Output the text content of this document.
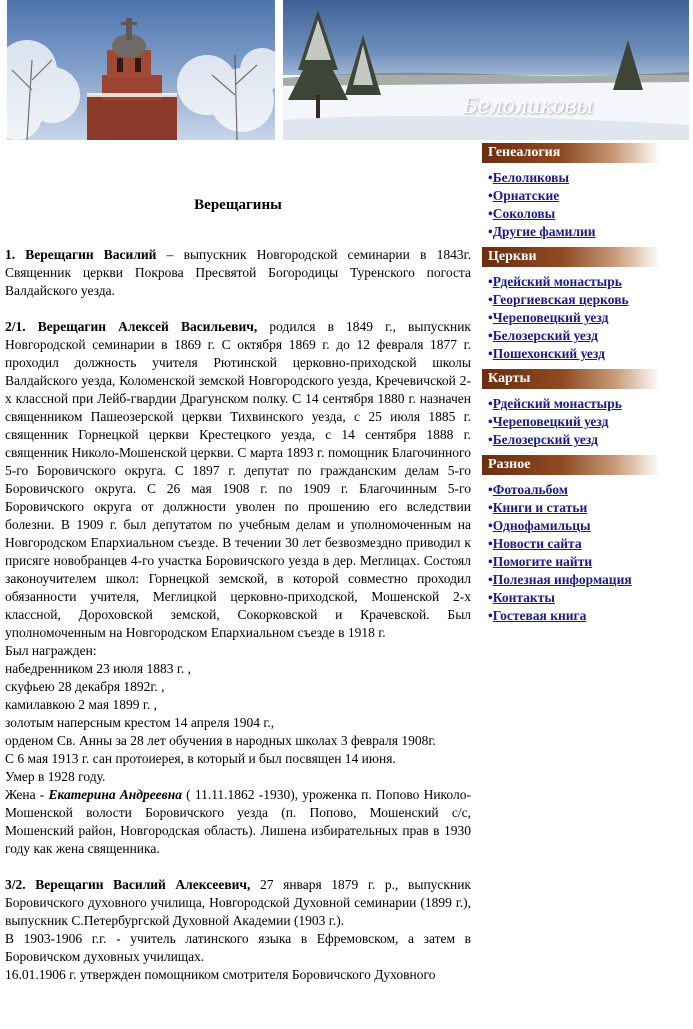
Белоликовы
Верещагины

1. Верещагин Василий – выпускник Новгородской семинарии в 1843г. Священник церкви Покрова Пресвятой Богородицы Туренского погоста Валдайского уезда.

2/1. Верещагин Алексей Васильевич, родился в 1849 г., выпускник Новгородской семинарии в 1869 г. С октября 1869 г. до 12 февраля 1877 г. проходил должность учителя Рютинской церковно-приходской школы Валдайского уезда, Коломенской земской Новгородского уезда, Кречевичской 2-х классной при Лейб-гвардии Драгунском полку. С 14 сентября 1880 г. назначен священником Пашеозерской церкви Тихвинского уезда, с 25 июля 1885 г. священник Горнецкой церкви Крестецкого уезда, с 14 сентября 1888 г. священник Николо-Мошенской церкви. С марта 1893 г. помощник Благочинного 5-го Боровичского округа. С 1897 г. депутат по гражданским делам 5-го Боровичского округа. С 26 мая 1908 г. по 1909 г. Благочинным 5-го Боровичского округа от должности уволен по прошению его вследствии болезни. В 1909 г. был депутатом по учебным делам и уполномоченным на Новгородском Епархиальном съезде. В течении 30 лет безвозмездно приводил к присяге новобранцев 4-го участка Боровичского уезда в дер. Меглицах. Состоял законоучителем школ: Горнецкой земской, в которой совместно проходил обязанности учителя, Меглицкой церковно-приходской, Мошенской 2-х классной, Дороховской земской, Сокорковской и Крачевской. Был уполномоченным на Новгородском Епархиальном съезде в 1918 г.

Был награжден:

набедренником 23 июля 1883 г. ,

скуфьею 28 декабря 1892г. ,

камилавкою 2 мая 1899 г. ,

золотым наперсным крестом 14 апреля 1904 г.,

орденом Св. Анны за 28 лет обучения в народных школах 3 февраля 1908г.

С 6 мая 1913 г. сан протоиерея, в который и был посвящен 14 июня.

Умер в 1928 году.

Жена - Екатерина Андреевна ( 11.11.1862 -1930), уроженка п. Попово Николо-Мошенской волости Боровичского уезда (п. Попово, Мошенский с/с, Мошенский район, Новгородская область). Лишена избирательных прав в 1930 году как жена священника.

3/2. Верещагин Василий Алексеевич, 27 января 1879 г. р., выпускник Боровичского духовного училища, Новгородской Духовной семинарии (1899 г.), выпускник С.Петербургской Духовной Академии (1903 г.).

В 1903-1906 г.г. - учитель латинского языка в Ефремовском, а затем в Боровичском духовных училищах.

16.01.1906 г. утвержден помощником смотрителя Боровичского Духовного

Генеалогия
•Белоликовы
•Орнатские
•Соколовы
•Другие фамилии
Церкви
•Рдейский монастырь
•Георгиевская церковь
•Череповецкий уезд
•Белозерский уезд
•Пошехонский уезд
Карты
•Рдейский монастырь
•Череповецкий уезд
•Белозерский уезд
Разное
•Фотоальбом
•Книги и статьи
•Однофамильцы
•Новости сайта
•Помогите найти
•Полезная информация
•Контакты
•Гостевая книга
